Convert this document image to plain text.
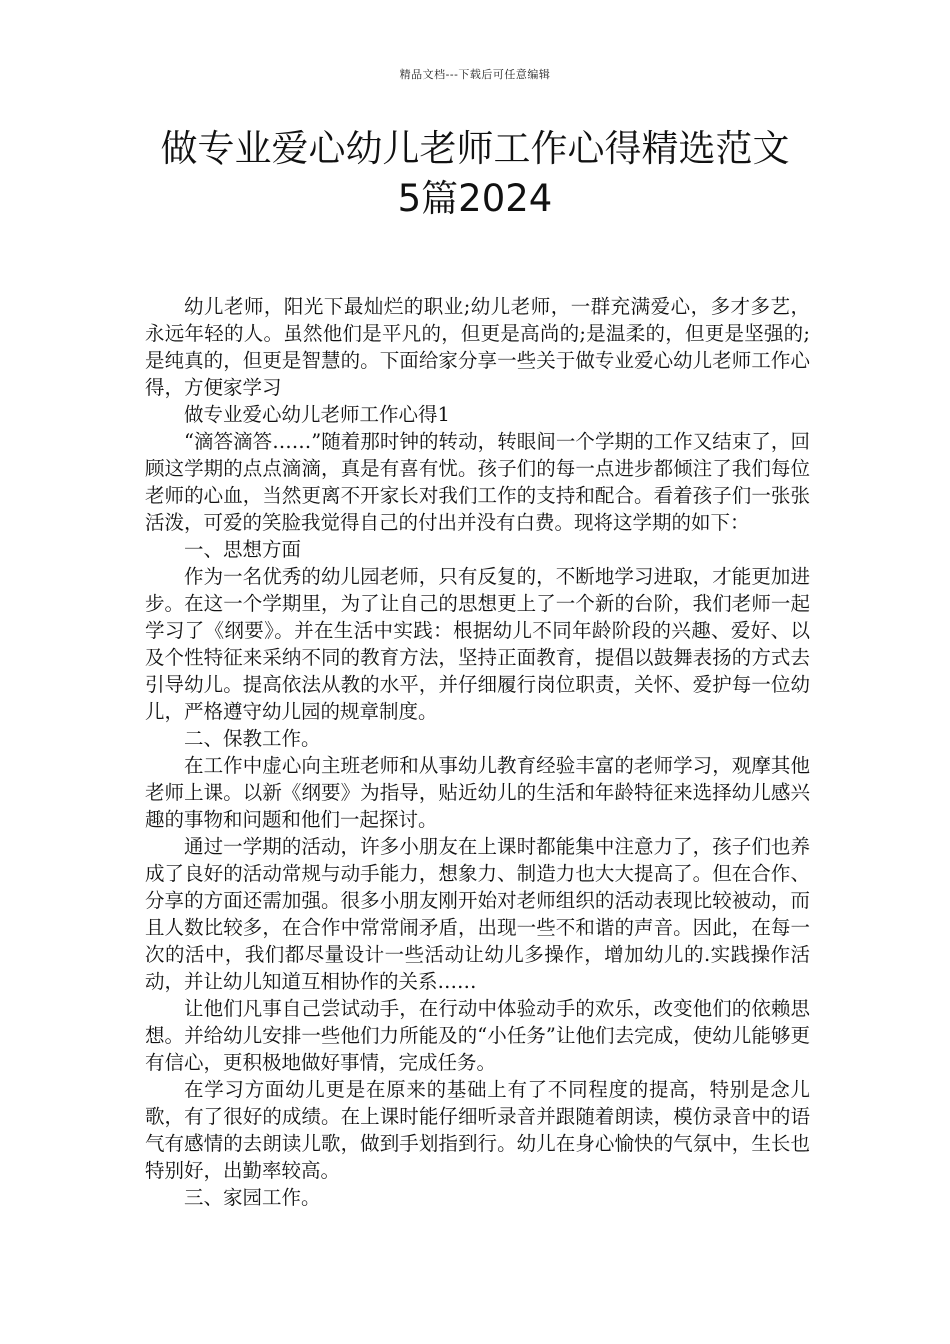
精品文档---下载后可任意编辑
做专业爱心幼儿老师工作心得精选范文
5篇2024

幼儿老师，阳光下最灿烂的职业;幼儿老师，一群充满爱心，多才多艺，永远年轻的人。虽然他们是平凡的，但更是高尚的;是温柔的，但更是坚强的;是纯真的，但更是智慧的。下面给家分享一些关于做专业爱心幼儿老师工作心得，方便家学习

做专业爱心幼儿老师工作心得1

“滴答滴答……”随着那时钟的转动，转眼间一个学期的工作又结束了，回顾这学期的点点滴滴，真是有喜有忧。孩子们的每一点进步都倾注了我们每位老师的心血，当然更离不开家长对我们工作的支持和配合。看着孩子们一张张活泼，可爱的笑脸我觉得自己的付出并没有白费。现将这学期的如下：

一、思想方面

作为一名优秀的幼儿园老师，只有反复的，不断地学习进取，才能更加进步。在这一个学期里，为了让自己的思想更上了一个新的台阶，我们老师一起学习了《纲要》。并在生活中实践：根据幼儿不同年龄阶段的兴趣、爱好、以及个性特征来采纳不同的教育方法，坚持正面教育，提倡以鼓舞表扬的方式去引导幼儿。提高依法从教的水平，并仔细履行岗位职责，关怀、爱护每一位幼儿，严格遵守幼儿园的规章制度。

二、保教工作。

在工作中虚心向主班老师和从事幼儿教育经验丰富的老师学习，观摩其他老师上课。以新《纲要》为指导，贴近幼儿的生活和年龄特征来选择幼儿感兴趣的事物和问题和他们一起探讨。

通过一学期的活动，许多小朋友在上课时都能集中注意力了，孩子们也养成了良好的活动常规与动手能力，想象力、制造力也大大提高了。但在合作、分享的方面还需加强。很多小朋友刚开始对老师组织的活动表现比较被动，而且人数比较多，在合作中常常闹矛盾，出现一些不和谐的声音。因此，在每一次的活中，我们都尽量设计一些活动让幼儿多操作，增加幼儿的.实践操作活动，并让幼儿知道互相协作的关系……

让他们凡事自己尝试动手，在行动中体验动手的欢乐，改变他们的依赖思想。并给幼儿安排一些他们力所能及的“小任务”让他们去完成，使幼儿能够更有信心，更积极地做好事情，完成任务。

在学习方面幼儿更是在原来的基础上有了不同程度的提高，特别是念儿歌，有了很好的成绩。在上课时能仔细听录音并跟随着朗读，模仿录音中的语气有感情的去朗读儿歌，做到手划指到行。幼儿在身心愉快的气氛中，生长也特别好，出勤率较高。

三、家园工作。
